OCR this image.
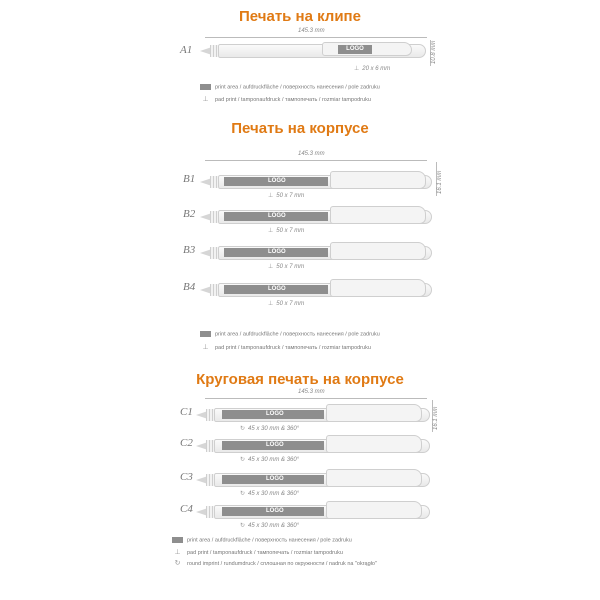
Печать на клипе
145.3 mm
10.8 mm
A1	LOGO
⊥ 20 x 6 mm
print area / aufdruckfläche / поверхность нанесения / pole zadruku
⊥ pad print / tamponaufdruck / тампопечать / rozmiar tampodruku
Печать на корпусе
145.3 mm
16.1 mm
B1	LOGO
⊥ 50 x 7 mm
B2	LOGO
⊥ 50 x 7 mm
B3	LOGO
⊥ 50 x 7 mm
B4	LOGO
⊥ 50 x 7 mm
print area / aufdruckfläche / поверхность нанесения / pole zadruku
⊥ pad print / tamponaufdruck / тампопечать / rozmiar tampodruku
Круговая печать на корпусе
145.3 mm
16.1 mm
C1	LOGO
↻ 45 x 30 mm & 360°
C2	LOGO
↻ 45 x 30 mm & 360°
C3	LOGO
↻ 45 x 30 mm & 360°
C4	LOGO
↻ 45 x 30 mm & 360°
print area / aufdruckfläche / поверхность нанесения / pole zadruku
⊥ pad print / tamponaufdruck / тампопечать / rozmiar tampodruku
↻ round imprint / rundumdruck / сплошная по окружности / nadruk na "okrągło"
